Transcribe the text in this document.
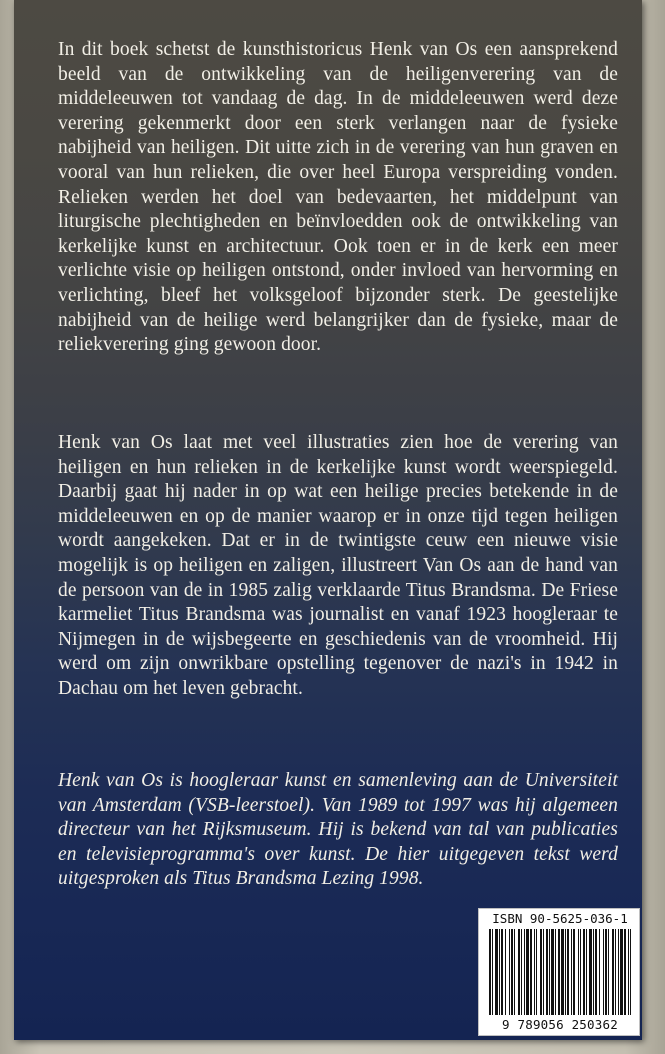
In dit boek schetst de kunsthistoricus Henk van Os een aansprekend beeld van de ontwikkeling van de heiligenverering van de middeleeuwen tot vandaag de dag. In de middeleeuwen werd deze verering gekenmerkt door een sterk verlangen naar de fysieke nabijheid van heiligen. Dit uitte zich in de verering van hun graven en vooral van hun relieken, die over heel Europa verspreiding vonden. Relieken werden het doel van bedevaarten, het middelpunt van liturgische plechtigheden en beïnvloedden ook de ontwikkeling van kerkelijke kunst en architectuur. Ook toen er in de kerk een meer verlichte visie op heiligen ontstond, onder invloed van hervorming en verlichting, bleef het volksgeloof bijzonder sterk. De geestelijke nabijheid van de heilige werd belangrijker dan de fysieke, maar de reliekverering ging gewoon door.

Henk van Os laat met veel illustraties zien hoe de verering van heiligen en hun relieken in de kerkelijke kunst wordt weerspiegeld. Daarbij gaat hij nader in op wat een heilige precies betekende in de middeleeuwen en op de manier waarop er in onze tijd tegen heiligen wordt aangekeken. Dat er in de twintigste ceuw een nieuwe visie mogelijk is op heiligen en zaligen, illustreert Van Os aan de hand van de persoon van de in 1985 zalig verklaarde Titus Brandsma. De Friese karmeliet Titus Brandsma was journalist en vanaf 1923 hoogleraar te Nijmegen in de wijsbegeerte en geschiedenis van de vroomheid. Hij werd om zijn onwrikbare opstelling tegenover de nazi's in 1942 in Dachau om het leven gebracht.

Henk van Os is hoogleraar kunst en samenleving aan de Universiteit van Amsterdam (VSB-leerstoel). Van 1989 tot 1997 was hij algemeen directeur van het Rijksmuseum. Hij is bekend van tal van publicaties en televisieprogramma's over kunst. De hier uitgegeven tekst werd uitgesproken als Titus Brandsma Lezing 1998.

ISBN 90-5625-036-1
9 789056 250362
